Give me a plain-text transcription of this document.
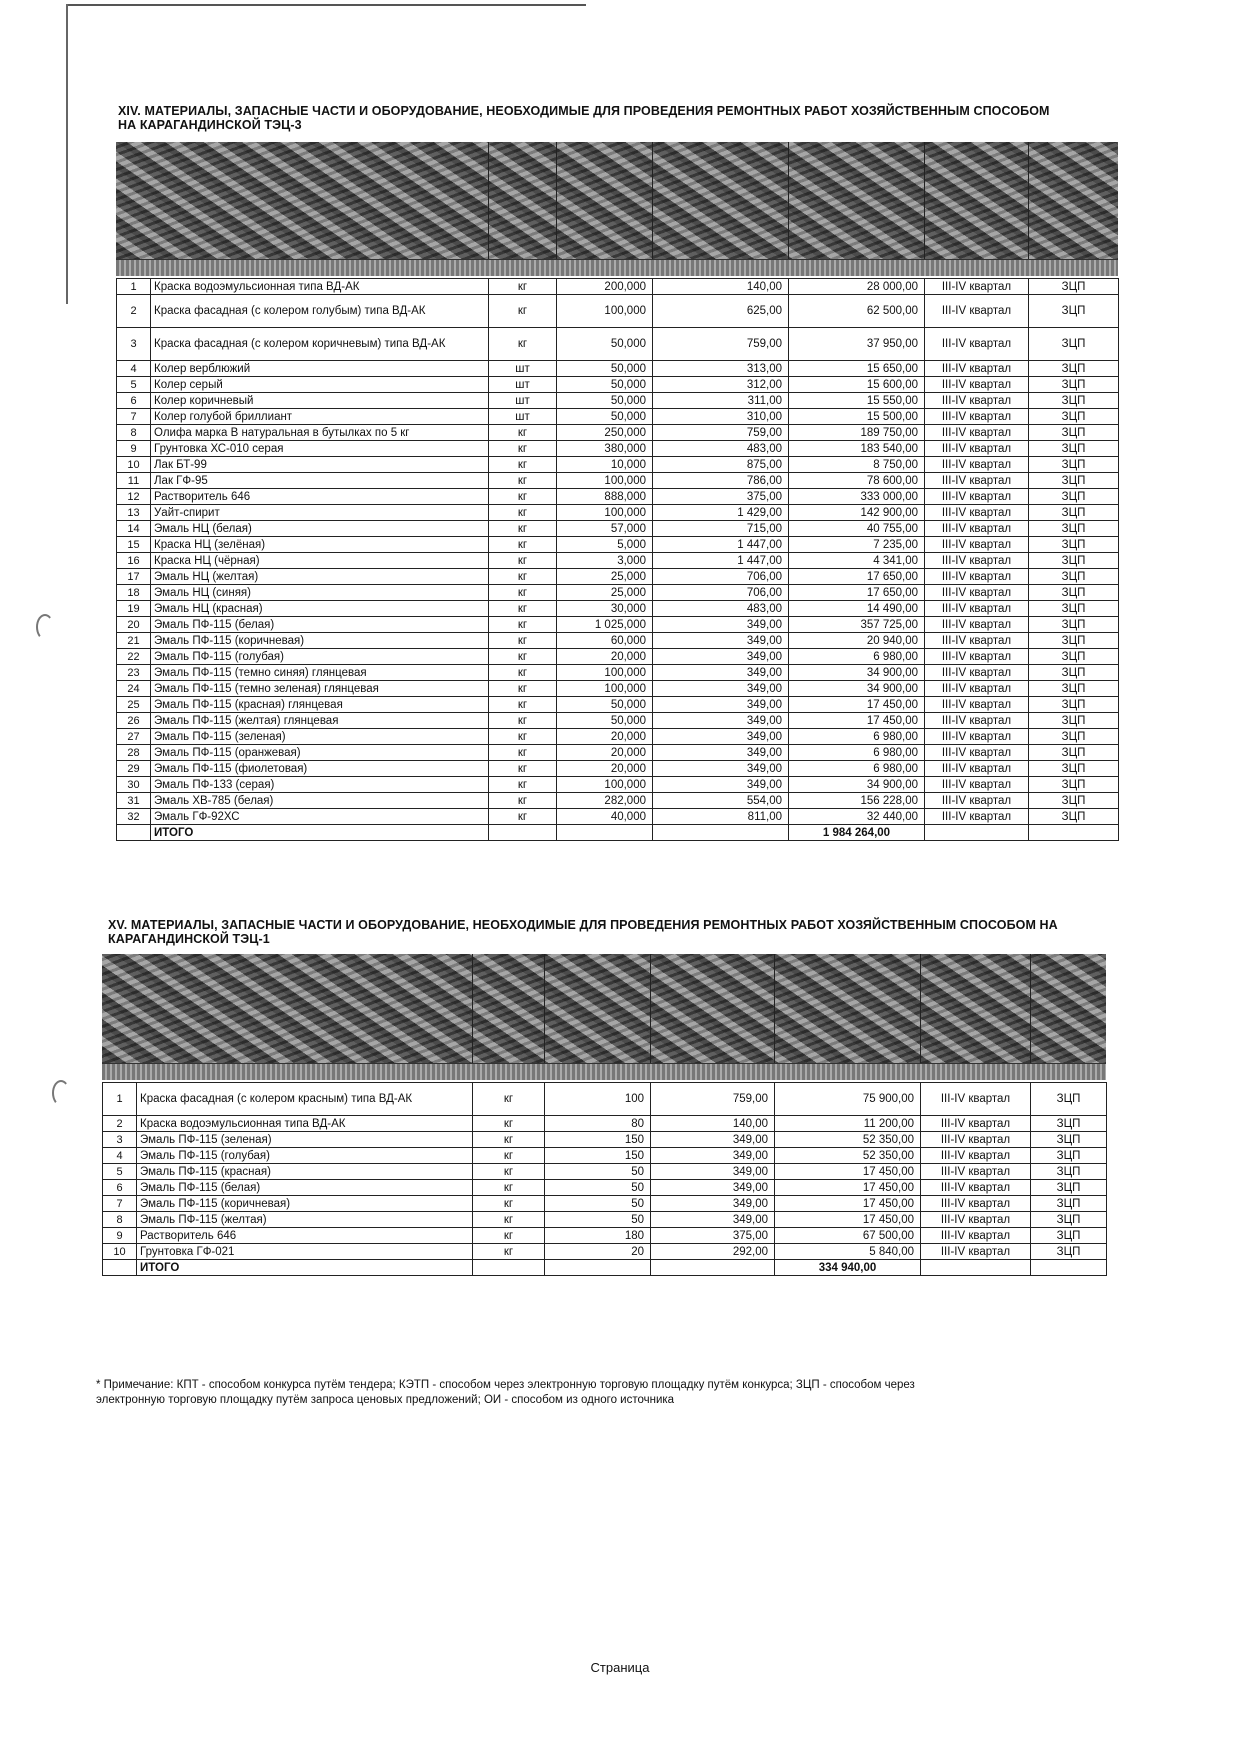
XIV. МАТЕРИАЛЫ, ЗАПАСНЫЕ ЧАСТИ И ОБОРУДОВАНИЕ, НЕОБХОДИМЫЕ ДЛЯ ПРОВЕДЕНИЯ РЕМОНТНЫХ РАБОТ ХОЗЯЙСТВЕННЫМ СПОСОБОМ
НА КАРАГАНДИНСКОЙ ТЭЦ-3
1	Краска водоэмульсионная типа ВД-АК	кг	200,000	140,00	28 000,00	III-IV квартал	ЗЦП
2	Краска фасадная (с колером голубым) типа ВД-АК	кг	100,000	625,00	62 500,00	III-IV квартал	ЗЦП
3	Краска фасадная (с колером коричневым) типа ВД-АК	кг	50,000	759,00	37 950,00	III-IV квартал	ЗЦП
4	Колер верблюжий	шт	50,000	313,00	15 650,00	III-IV квартал	ЗЦП
5	Колер серый	шт	50,000	312,00	15 600,00	III-IV квартал	ЗЦП
6	Колер коричневый	шт	50,000	311,00	15 550,00	III-IV квартал	ЗЦП
7	Колер голубой бриллиант	шт	50,000	310,00	15 500,00	III-IV квартал	ЗЦП
8	Олифа марка В натуральная в бутылках по 5 кг	кг	250,000	759,00	189 750,00	III-IV квартал	ЗЦП
9	Грунтовка ХС-010 серая	кг	380,000	483,00	183 540,00	III-IV квартал	ЗЦП
10	Лак БТ-99	кг	10,000	875,00	8 750,00	III-IV квартал	ЗЦП
11	Лак ГФ-95	кг	100,000	786,00	78 600,00	III-IV квартал	ЗЦП
12	Растворитель 646	кг	888,000	375,00	333 000,00	III-IV квартал	ЗЦП
13	Уайт-спирит	кг	100,000	1 429,00	142 900,00	III-IV квартал	ЗЦП
14	Эмаль НЦ (белая)	кг	57,000	715,00	40 755,00	III-IV квартал	ЗЦП
15	Краска НЦ (зелёная)	кг	5,000	1 447,00	7 235,00	III-IV квартал	ЗЦП
16	Краска НЦ (чёрная)	кг	3,000	1 447,00	4 341,00	III-IV квартал	ЗЦП
17	Эмаль НЦ (желтая)	кг	25,000	706,00	17 650,00	III-IV квартал	ЗЦП
18	Эмаль НЦ (синяя)	кг	25,000	706,00	17 650,00	III-IV квартал	ЗЦП
19	Эмаль НЦ (красная)	кг	30,000	483,00	14 490,00	III-IV квартал	ЗЦП
20	Эмаль ПФ-115 (белая)	кг	1 025,000	349,00	357 725,00	III-IV квартал	ЗЦП
21	Эмаль ПФ-115 (коричневая)	кг	60,000	349,00	20 940,00	III-IV квартал	ЗЦП
22	Эмаль ПФ-115 (голубая)	кг	20,000	349,00	6 980,00	III-IV квартал	ЗЦП
23	Эмаль ПФ-115 (темно синяя) глянцевая	кг	100,000	349,00	34 900,00	III-IV квартал	ЗЦП
24	Эмаль ПФ-115 (темно зеленая) глянцевая	кг	100,000	349,00	34 900,00	III-IV квартал	ЗЦП
25	Эмаль ПФ-115 (красная) глянцевая	кг	50,000	349,00	17 450,00	III-IV квартал	ЗЦП
26	Эмаль ПФ-115 (желтая) глянцевая	кг	50,000	349,00	17 450,00	III-IV квартал	ЗЦП
27	Эмаль ПФ-115 (зеленая)	кг	20,000	349,00	6 980,00	III-IV квартал	ЗЦП
28	Эмаль ПФ-115 (оранжевая)	кг	20,000	349,00	6 980,00	III-IV квартал	ЗЦП
29	Эмаль ПФ-115 (фиолетовая)	кг	20,000	349,00	6 980,00	III-IV квартал	ЗЦП
30	Эмаль ПФ-133 (серая)	кг	100,000	349,00	34 900,00	III-IV квартал	ЗЦП
31	Эмаль ХВ-785 (белая)	кг	282,000	554,00	156 228,00	III-IV квартал	ЗЦП
32	Эмаль ГФ-92ХС	кг	40,000	811,00	32 440,00	III-IV квартал	ЗЦП
	ИТОГО				1 984 264,00		
XV. МАТЕРИАЛЫ, ЗАПАСНЫЕ ЧАСТИ И ОБОРУДОВАНИЕ, НЕОБХОДИМЫЕ ДЛЯ ПРОВЕДЕНИЯ РЕМОНТНЫХ РАБОТ ХОЗЯЙСТВЕННЫМ СПОСОБОМ НА
КАРАГАНДИНСКОЙ ТЭЦ-1
1	Краска фасадная (с колером красным) типа ВД-АК	кг	100	759,00	75 900,00	III-IV квартал	ЗЦП
2	Краска водоэмульсионная типа ВД-АК	кг	80	140,00	11 200,00	III-IV квартал	ЗЦП
3	Эмаль ПФ-115 (зеленая)	кг	150	349,00	52 350,00	III-IV квартал	ЗЦП
4	Эмаль ПФ-115 (голубая)	кг	150	349,00	52 350,00	III-IV квартал	ЗЦП
5	Эмаль ПФ-115 (красная)	кг	50	349,00	17 450,00	III-IV квартал	ЗЦП
6	Эмаль ПФ-115 (белая)	кг	50	349,00	17 450,00	III-IV квартал	ЗЦП
7	Эмаль ПФ-115 (коричневая)	кг	50	349,00	17 450,00	III-IV квартал	ЗЦП
8	Эмаль ПФ-115 (желтая)	кг	50	349,00	17 450,00	III-IV квартал	ЗЦП
9	Растворитель 646	кг	180	375,00	67 500,00	III-IV квартал	ЗЦП
10	Грунтовка ГФ-021	кг	20	292,00	5 840,00	III-IV квартал	ЗЦП
	ИТОГО				334 940,00		
* Примечание: КПТ - способом конкурса путём тендера; КЭТП - способом через электронную торговую площадку путём конкурса; ЗЦП - способом через
электронную торговую площадку путём запроса ценовых предложений; ОИ - способом из одного источника
Страница
